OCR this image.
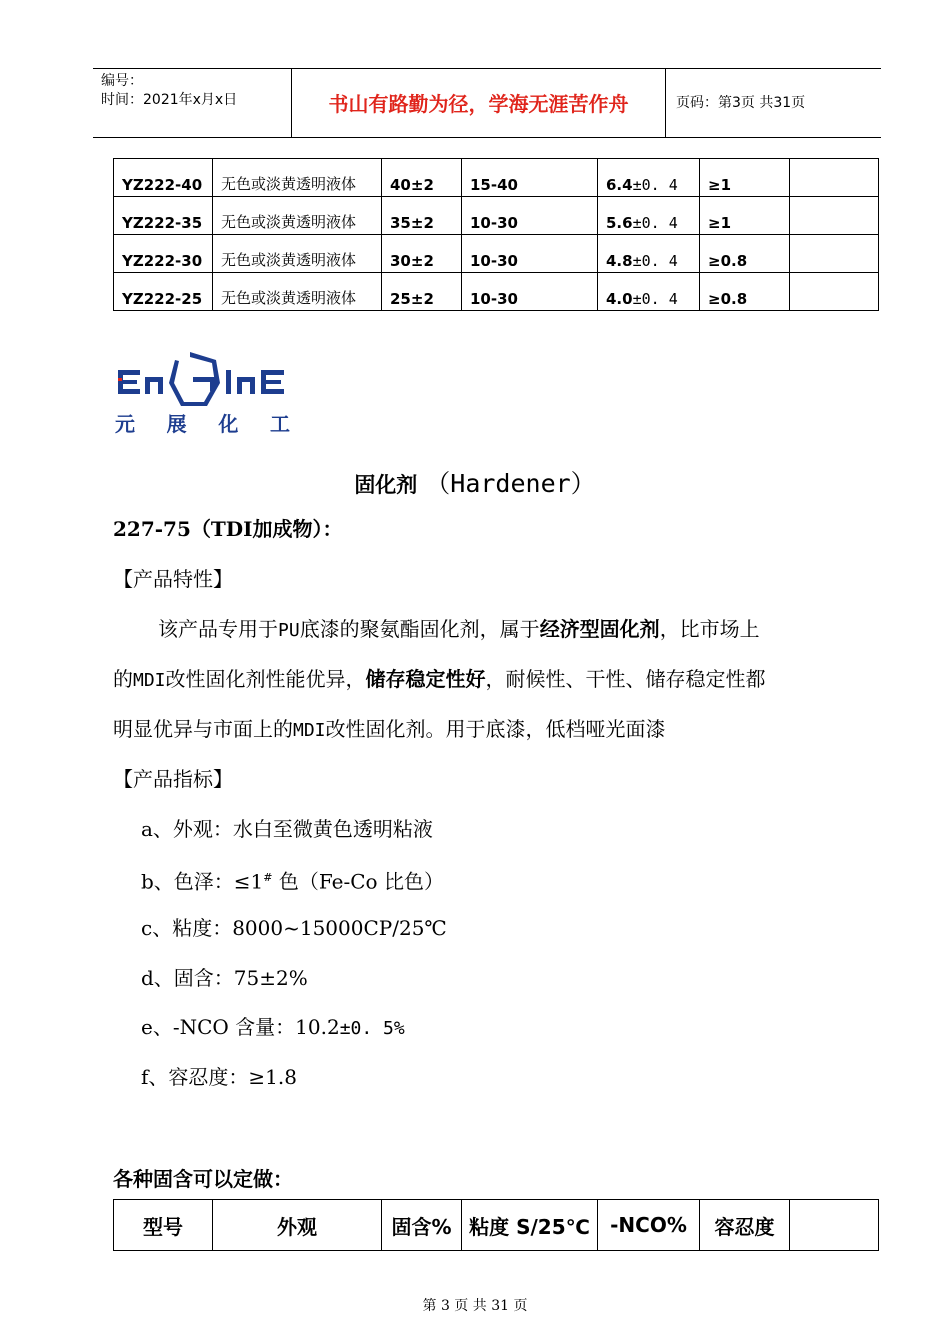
编号：
时间：2021年x月x日	书山有路勤为径，学海无涯苦作舟	页码：第3页 共31页
YZ222-40	无色或淡黄透明液体	40±2	15-40	6.4±0. 4	≥1	
YZ222-35	无色或淡黄透明液体	35±2	10-30	5.6±0. 4	≥1	
YZ222-30	无色或淡黄透明液体	30±2	10-30	4.8±0. 4	≥0.8	
YZ222-25	无色或淡黄透明液体	25±2	10-30	4.0±0. 4	≥0.8	
元 展 化 工
固化剂 （Hardener）
227-75（TDI加成物）：
【产品特性】
该产品专用于PU底漆的聚氨酯固化剂，属于经济型固化剂，比市场上
的MDI改性固化剂性能优异，储存稳定性好，耐候性、干性、储存稳定性都
明显优异与市面上的MDI改性固化剂。用于底漆，低档哑光面漆
【产品指标】
a、外观：水白至微黄色透明粘液
b、色泽：≤1# 色（Fe-Co 比色）
c、粘度：8000~15000CP/25℃
d、固含：75±2%
e、-NCO 含量：10.2±0. 5%
f、容忍度：≥1.8
各种固含可以定做：
型号	外观	固含%	粘度 S/25℃	-NCO%	容忍度	
第 3 页 共 31 页
